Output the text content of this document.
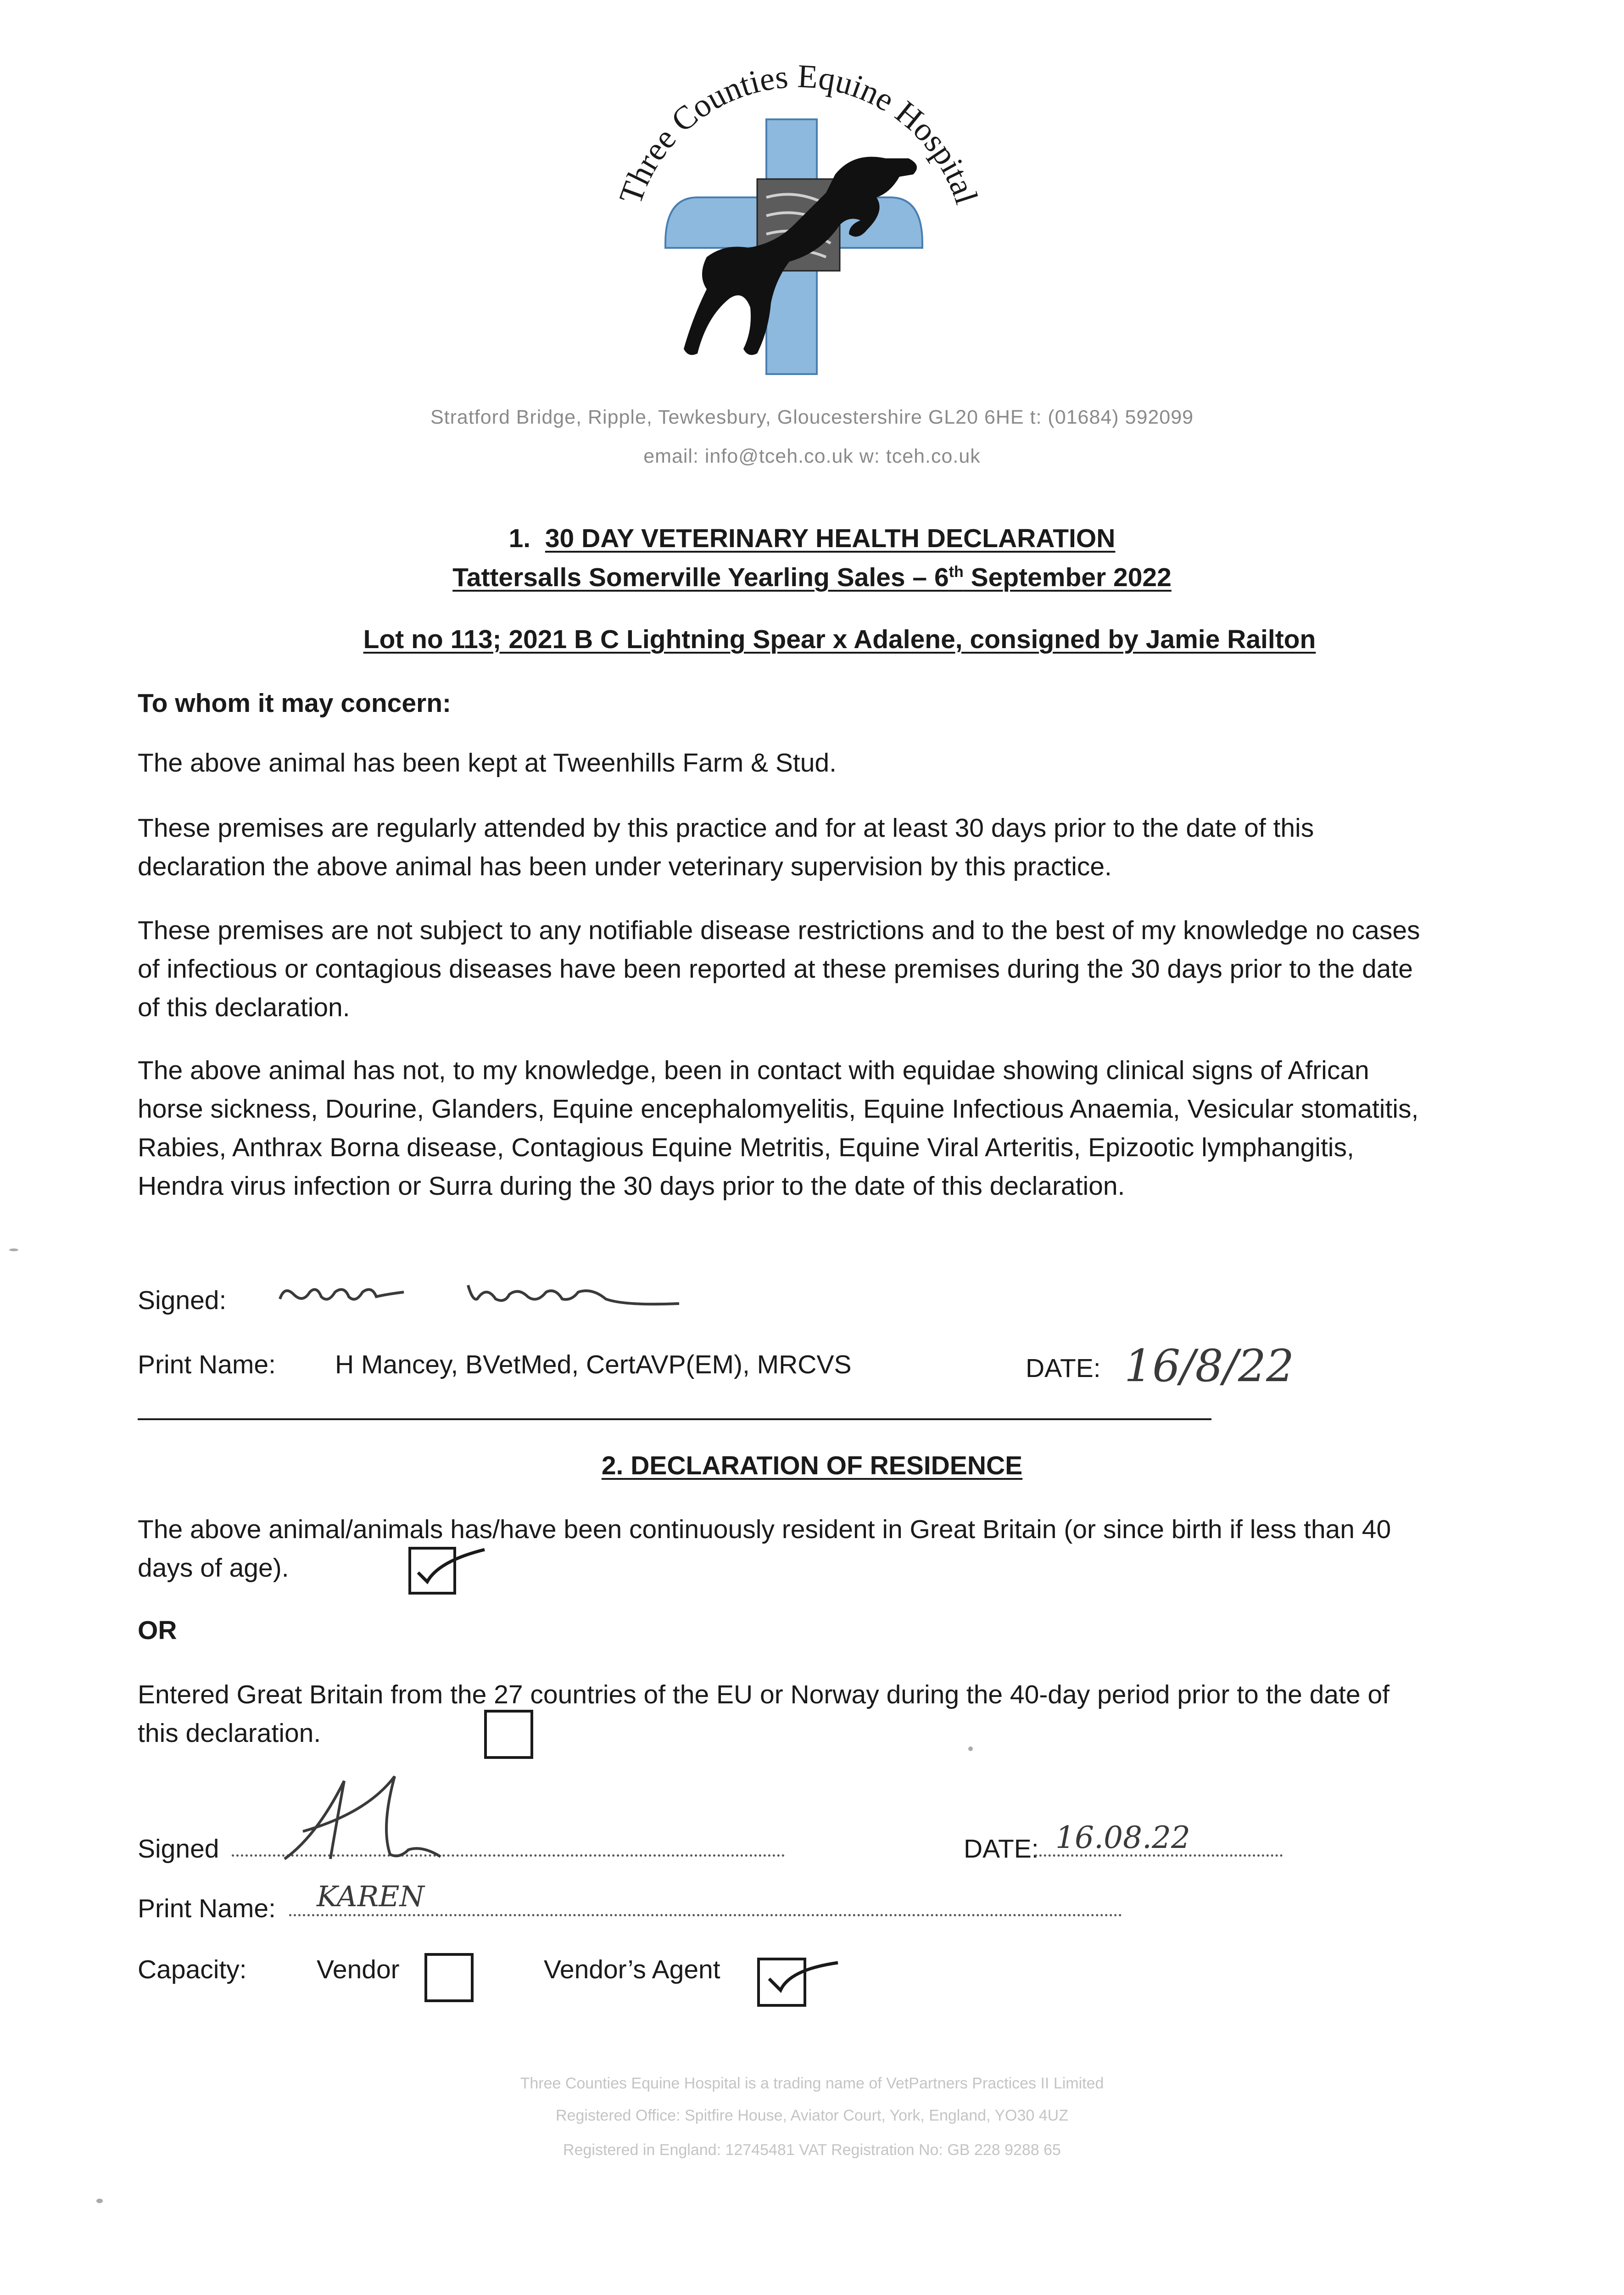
Three Counties Equine Hospital
Stratford Bridge, Ripple, Tewkesbury, Gloucestershire GL20 6HE t: (01684) 592099
email: info@tceh.co.uk w: tceh.co.uk
1. 30 DAY VETERINARY HEALTH DECLARATION
Tattersalls Somerville Yearling Sales – 6th September 2022
Lot no 113; 2021 B C Lightning Spear x Adalene, consigned by Jamie Railton
To whom it may concern:
The above animal has been kept at Tweenhills Farm & Stud.
These premises are regularly attended by this practice and for at least 30 days prior to the date of this declaration the above animal has been under veterinary supervision by this practice.
These premises are not subject to any notifiable disease restrictions and to the best of my knowledge no cases of infectious or contagious diseases have been reported at these premises during the 30 days prior to the date of this declaration.
The above animal has not, to my knowledge, been in contact with equidae showing clinical signs of African horse sickness, Dourine, Glanders, Equine encephalomyelitis, Equine Infectious Anaemia, Vesicular stomatitis, Rabies, Anthrax Borna disease, Contagious Equine Metritis, Equine Viral Arteritis, Epizootic lymphangitis, Hendra virus infection or Surra during the 30 days prior to the date of this declaration.
Signed:
Print Name: H Mancey, BVetMed, CertAVP(EM), MRCVS	DATE: 16/8/22
2. DECLARATION OF RESIDENCE
The above animal/animals has/have been continuously resident in Great Britain (or since birth if less than 40 days of age).
OR
Entered Great Britain from the 27 countries of the EU or Norway during the 40-day period prior to the date of this declaration.
Signed	DATE: 16.08.22
Print Name: KAREN
Capacity:	Vendor	Vendor’s Agent
Three Counties Equine Hospital is a trading name of VetPartners Practices II Limited
Registered Office: Spitfire House, Aviator Court, York, England, YO30 4UZ
Registered in England: 12745481 VAT Registration No: GB 228 9288 65
